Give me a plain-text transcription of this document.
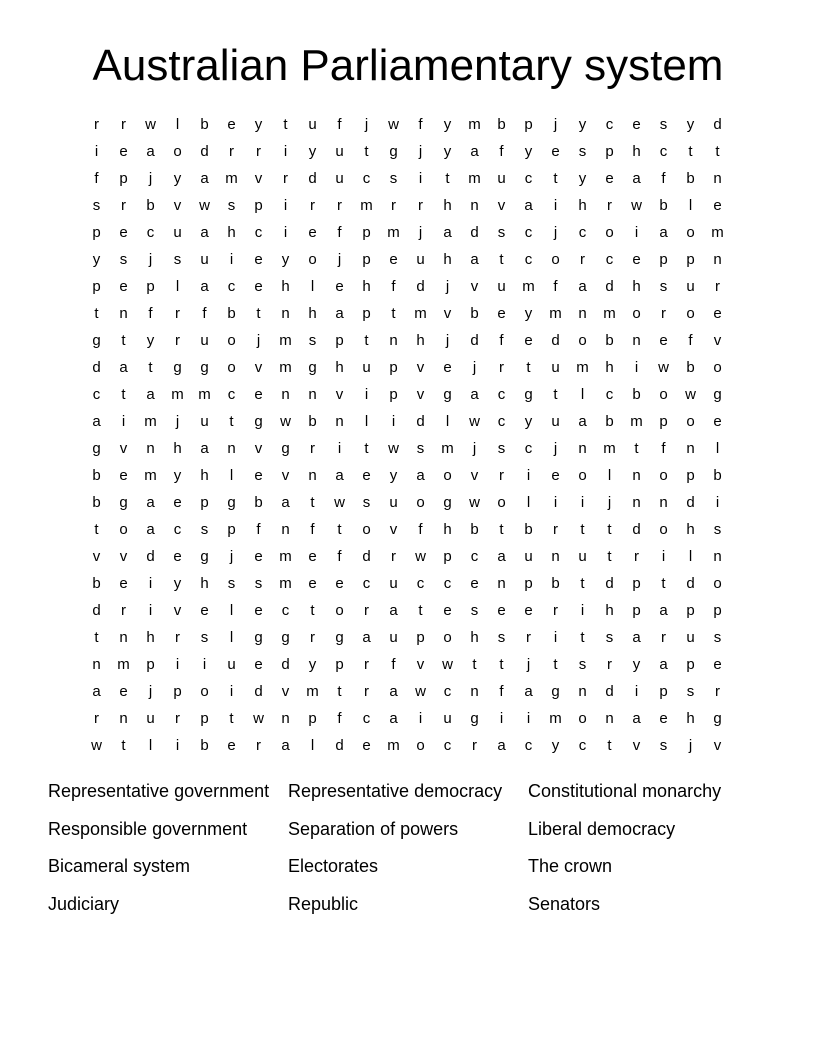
Australian Parliamentary system
r	r	w	l	b	e	y	t	u	f	j	w	f	y	m	b	p	j	y	c	e	s	y	d
i	e	a	o	d	r	r	i	y	u	t	g	j	y	a	f	y	e	s	p	h	c	t	t
f	p	j	y	a	m	v	r	d	u	c	s	i	t	m	u	c	t	y	e	a	f	b	n
s	r	b	v	w	s	p	i	r	r	m	r	r	h	n	v	a	i	h	r	w	b	l	e
p	e	c	u	a	h	c	i	e	f	p	m	j	a	d	s	c	j	c	o	i	a	o	m
y	s	j	s	u	i	e	y	o	j	p	e	u	h	a	t	c	o	r	c	e	p	p	n
p	e	p	l	a	c	e	h	l	e	h	f	d	j	v	u	m	f	a	d	h	s	u	r
t	n	f	r	f	b	t	n	h	a	p	t	m	v	b	e	y	m	n	m	o	r	o	e
g	t	y	r	u	o	j	m	s	p	t	n	h	j	d	f	e	d	o	b	n	e	f	v
d	a	t	g	g	o	v	m	g	h	u	p	v	e	j	r	t	u	m	h	i	w	b	o
c	t	a	m m	c	e	n	n	v	i	p	v	g	a	c	g	t	l	c	b	o	w	g
a	i	m	j	u	t	g	w	b	n	l	i	d	l	w	c	y	u	a	b	m	p	o	e
g	v	n	h	a	n	v	g	r	i	t	w	s	m	j	s	c	j	n	m	t	f	n	l
b	e	m	y	h	l	e	v	n	a	e	y	a	o	v	r	i	e	o	l	n	o	p	b
b	g	a	e	p	g	b	a	t	w	s	u	o	g	w	o	l	i	i	j	n	n	d	i
t	o	a	c	s	p	f	n	f	t	o	v	f	h	b	t	b	r	t	t	d	o	h	s
v	v	d	e	g	j	e	m	e	f	d	r	w	p	c	a	u	n	u	t	r	i	l	n
b	e	i	y	h	s	s	m	e	e	c	u	c	c	e	n	p	b	t	d	p	t	d	o
d	r	i	v	e	l	e	c	t	o	r	a	t	e	s	e	e	r	i	h	p	a	p	p
t	n	h	r	s	l	g	g	r	g	a	u	p	o	h	s	r	i	t	s	a	r	u	s
n	m	p	i	i	u	e	d	y	p	r	f	v	w	t	t	j	t	s	r	y	a	p	e
a	e	j	p	o	i	d	v	m	t	r	a	w	c	n	f	a	g	n	d	i	p	s	r
r	n	u	r	p	t	w	n	p	f	c	a	i	u	g	i	i	m	o	n	a	e	h	g
w	t	l	i	b	e	r	a	l	d	e	m	o	c	r	a	c	y	c	t	v	s	j	v
Representative government	Representative democracy	Constitutional monarchy
Responsible government	Separation of powers	Liberal democracy
Bicameral system	Electorates	The crown
Judiciary	Republic	Senators
